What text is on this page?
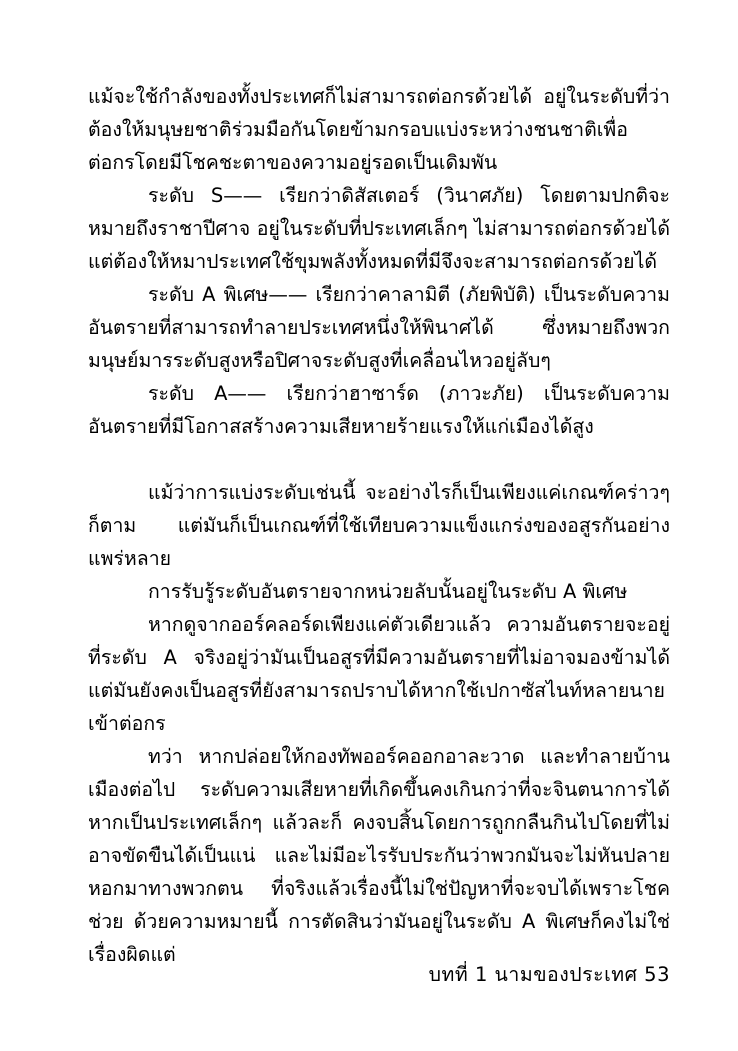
แม้จะใช้กำลังของทั้งประเทศก็ไม่สามารถต่อกรด้วยได้ อยู่ในระดับที่ว่าต้องให้มนุษยชาติร่วมมือกันโดยข้ามกรอบแบ่งระหว่างชนชาติเพื่อต่อกรโดยมีโชคชะตาของความอยู่รอดเป็นเดิมพัน

ระดับ S—— เรียกว่าดิสัสเตอร์ (วินาศภัย) โดยตามปกติจะหมายถึงราชาปีศาจ อยู่ในระดับที่ประเทศเล็กๆ ไม่สามารถต่อกรด้วยได้ แต่ต้องให้หมาประเทศใช้ขุมพลังทั้งหมดที่มีจึงจะสามารถต่อกรด้วยได้

ระดับ A พิเศษ—— เรียกว่าคาลามิตี (ภัยพิบัติ) เป็นระดับความอันตรายที่สามารถทำลายประเทศหนึ่งให้พินาศได้ ซึ่งหมายถึงพวกมนุษย์มารระดับสูงหรือปิศาจระดับสูงที่เคลื่อนไหวอยู่ลับๆ

ระดับ A—— เรียกว่าฮาซาร์ด (ภาวะภัย) เป็นระดับความอันตรายที่มีโอกาสสร้างความเสียหายร้ายแรงให้แก่เมืองได้สูง

แม้ว่าการแบ่งระดับเช่นนี้ จะอย่างไรก็เป็นเพียงแค่เกณฑ์คร่าวๆ ก็ตาม แต่มันก็เป็นเกณฑ์ที่ใช้เทียบความแข็งแกร่งของอสูรกันอย่างแพร่หลาย

การรับรู้ระดับอันตรายจากหน่วยลับนั้นอยู่ในระดับ A พิเศษ

หากดูจากออร์คลอร์ดเพียงแค่ตัวเดียวแล้ว ความอันตรายจะอยู่ที่ระดับ A จริงอยู่ว่ามันเป็นอสูรที่มีความอันตรายที่ไม่อาจมองข้ามได้ แต่มันยังคงเป็นอสูรที่ยังสามารถปราบได้หากใช้เปกาซัสไนท์หลายนายเข้าต่อกร

ทว่า หากปล่อยให้กองทัพออร์คออกอาละวาด และทำลายบ้านเมืองต่อไป ระดับความเสียหายที่เกิดขึ้นคงเกินกว่าที่จะจินตนาการได้ หากเป็นประเทศเล็กๆ แล้วละก็ คงจบสิ้นโดยการถูกกลืนกินไปโดยที่ไม่อาจขัดขืนได้เป็นแน่ และไม่มีอะไรรับประกันว่าพวกมันจะไม่หันปลายหอกมาทางพวกตน ที่จริงแล้วเรื่องนี้ไม่ใช่ปัญหาที่จะจบได้เพราะโชคช่วย ด้วยความหมายนี้ การตัดสินว่ามันอยู่ในระดับ A พิเศษก็คงไม่ใช่เรื่องผิดแต่

บทที่ 1 นามของประเทศ 53
